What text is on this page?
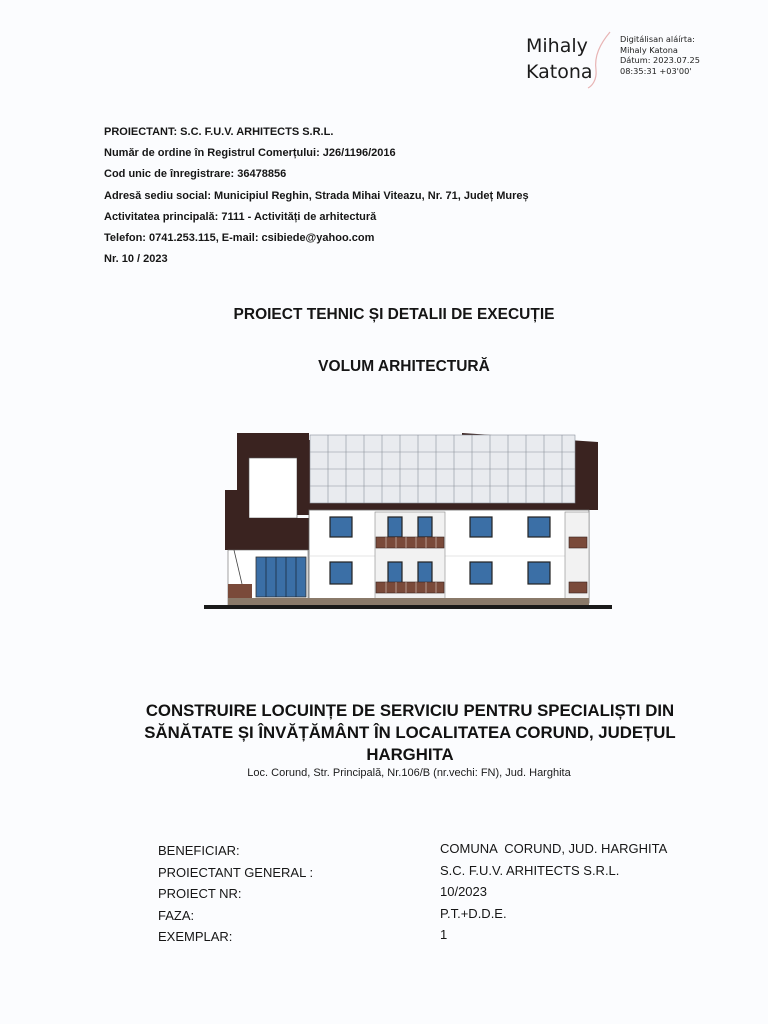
Mihaly
Katona
Digitálisan aláírta:
Mihaly Katona
Dátum: 2023.07.25
08:35:31 +03'00'
PROIECTANT: S.C. F.U.V. ARHITECTS S.R.L.
Număr de ordine în Registrul Comerțului: J26/1196/2016
Cod unic de înregistrare: 36478856
Adresă sediu social: Municipiul Reghin, Strada Mihai Viteazu, Nr. 71, Județ Mureș
Activitatea principală: 7111 - Activități de arhitectură
Telefon: 0741.253.115, E-mail: csibiede@yahoo.com
Nr. 10 / 2023
PROIECT TEHNIC ȘI DETALII DE EXECUȚIE
VOLUM ARHITECTURĂ
CONSTRUIRE LOCUINȚE DE SERVICIU PENTRU SPECIALIȘTI DIN
SĂNĂTATE ȘI ÎNVĂȚĂMÂNT ÎN LOCALITATEA CORUND, JUDEȚUL
HARGHITA
Loc. Corund, Str. Principală, Nr.106/B (nr.vechi: FN), Jud. Harghita
BENEFICIAR:
PROIECTANT GENERAL :
PROIECT NR:
FAZA:
EXEMPLAR:
COMUNA  CORUND, JUD. HARGHITA
S.C. F.U.V. ARHITECTS S.R.L.
10/2023
P.T.+D.D.E.
1
